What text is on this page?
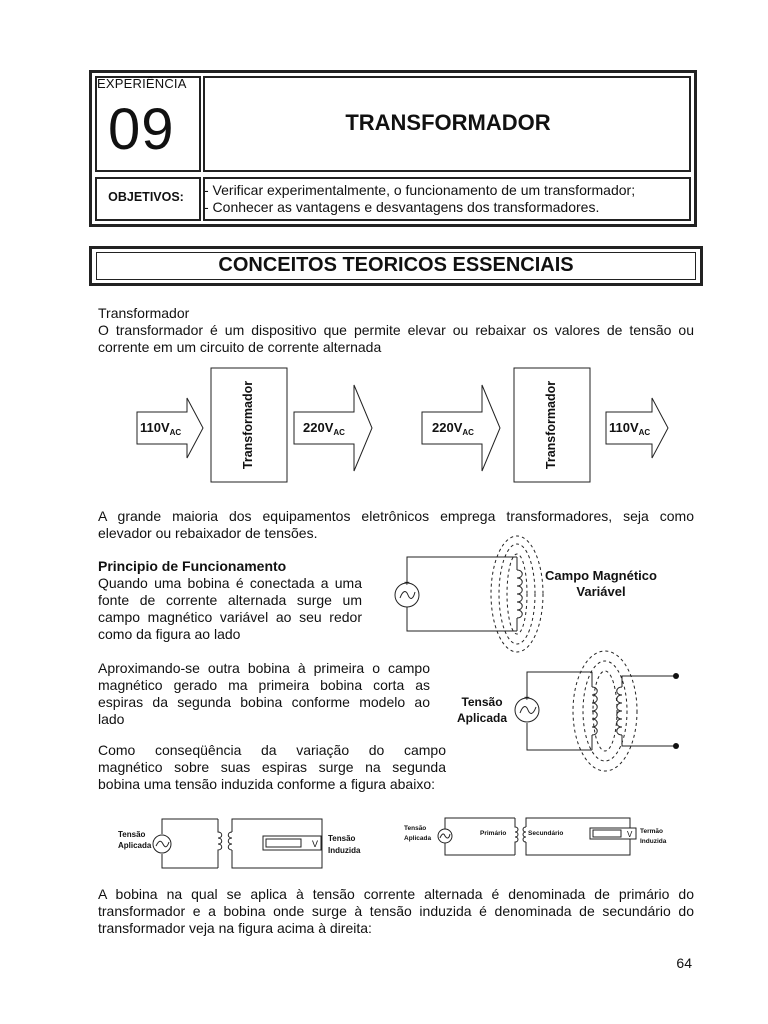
EXPERIÊNCIA
09	TRANSFORMADOR
OBJETIVOS:	- Verificar experimentalmente, o funcionamento de um transformador;
- Conhecer as vantagens e desvantagens dos transformadores.
CONCEITOS TEORICOS ESSENCIAIS
Transformador
O transformador é um dispositivo que permite elevar ou rebaixar os valores de tensão ou
corrente em um circuito de corrente alternada
$110V_{AC}$	$220V_{AC}$	$220V_{AC}$	$110V_{AC}$
Transformador	Transformador
A grande maioria dos equipamentos eletrônicos emprega transformadores, seja como
elevador ou rebaixador de tensões.
Principio de Funcionamento
Quando uma bobina é conectada a uma
fonte de corrente alternada surge um
campo magnético variável ao seu redor
como da figura ao lado
+
Campo Magnético
Variável
Aproximando-se outra bobina à primeira o campo
magnético gerado ma primeira bobina corta as
espiras da segunda bobina conforme modelo ao
lado
+
Tensão
Aplicada
Como conseqüência da variação do campo
magnético sobre suas espiras surge na segunda
bobina uma tensão induzida conforme a figura abaixo:
V
Tensão
Aplicada
Tensão
Induzida
V
Tensão
Aplicada
Primário	Secundário	Termão
Induzida
A bobina na qual se aplica à tensão corrente alternada é denominada de primário do
transformador e a bobina onde surge à tensão induzida é denominada de secundário do
transformador veja na figura acima à direita:
64
